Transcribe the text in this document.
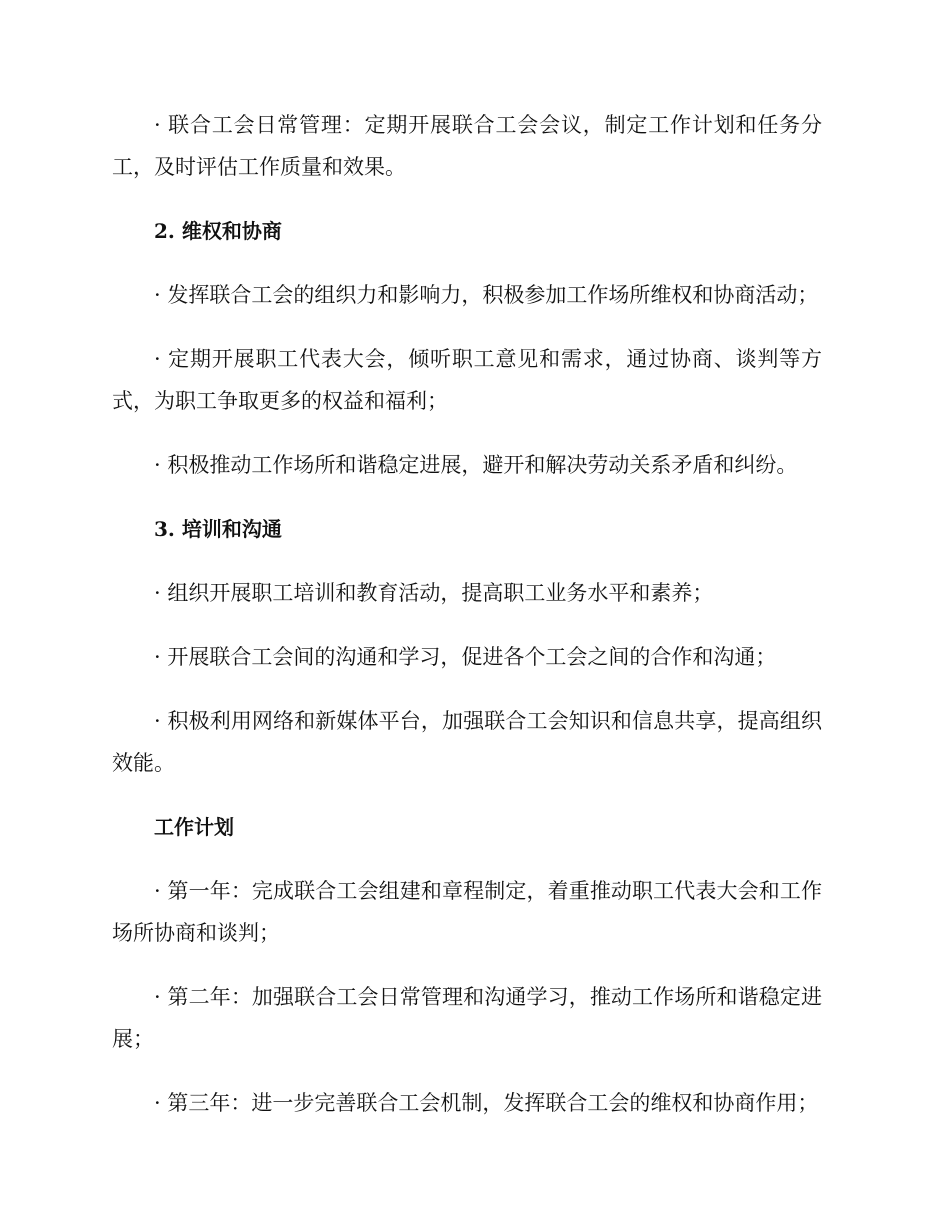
· 联合工会日常管理：定期开展联合工会会议，制定工作计划和任务分工，及时评估工作质量和效果。

2. 维权和协商

· 发挥联合工会的组织力和影响力，积极参加工作场所维权和协商活动；

· 定期开展职工代表大会，倾听职工意见和需求，通过协商、谈判等方式，为职工争取更多的权益和福利；

· 积极推动工作场所和谐稳定进展，避开和解决劳动关系矛盾和纠纷。

3. 培训和沟通

· 组织开展职工培训和教育活动，提高职工业务水平和素养；

· 开展联合工会间的沟通和学习，促进各个工会之间的合作和沟通；

· 积极利用网络和新媒体平台，加强联合工会知识和信息共享，提高组织效能。

工作计划

· 第一年：完成联合工会组建和章程制定，着重推动职工代表大会和工作场所协商和谈判；

· 第二年：加强联合工会日常管理和沟通学习，推动工作场所和谐稳定进展；

· 第三年：进一步完善联合工会机制，发挥联合工会的维权和协商作用；
